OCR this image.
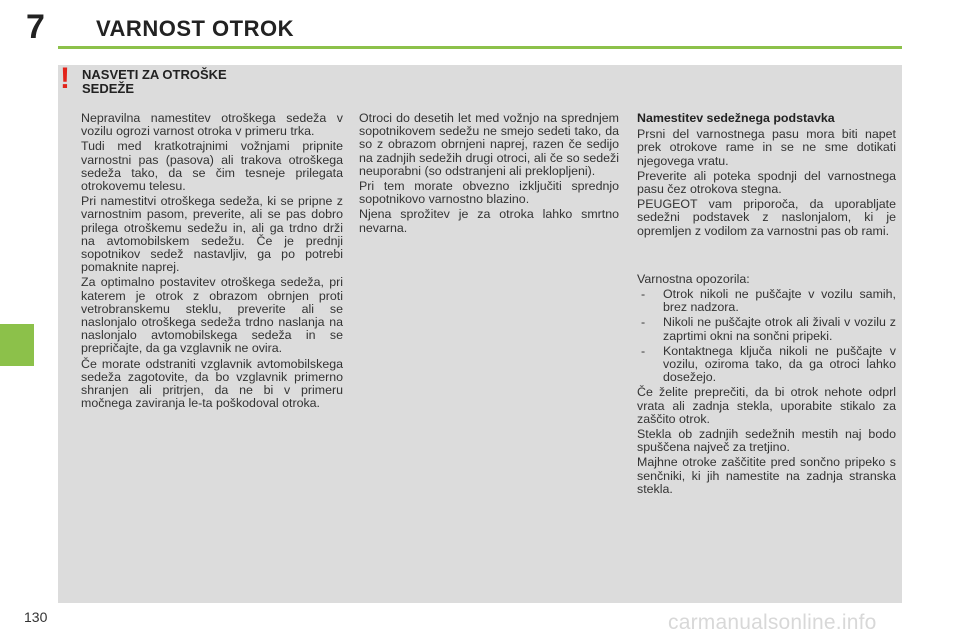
7 VARNOST OTROK
! NASVETI ZA OTROŠKE
SEDEŽE

Nepravilna namestitev otroškega sedeža v vozilu ogrozi varnost otroka v primeru trka.

Tudi med kratkotrajnimi vožnjami pripnite varnostni pas (pasova) ali trakova otroškega sedeža tako, da se čim tesneje prilegata otrokovemu telesu.

Pri namestitvi otroškega sedeža, ki se pripne z varnostnim pasom, preverite, ali se pas dobro prilega otroškemu sedežu in, ali ga trdno drži na avtomobilskem sedežu. Če je prednji sopotnikov sedež nastavljiv, ga po potrebi pomaknite naprej.

Za optimalno postavitev otroškega sedeža, pri katerem je otrok z obrazom obrnjen proti vetrobranskemu steklu, preverite ali se naslonjalo otroškega sedeža trdno naslanja na naslonjalo avtomobilskega sedeža in se prepričajte, da ga vzglavnik ne ovira.

Če morate odstraniti vzglavnik avtomobilskega sedeža zagotovite, da bo vzglavnik primerno shranjen ali pritrjen, da ne bi v primeru močnega zaviranja le-ta poškodoval otroka.

Otroci do desetih let med vožnjo na sprednjem sopotnikovem sedežu ne smejo sedeti tako, da so z obrazom obrnjeni naprej, razen če sedijo na zadnjih sedežih drugi otroci, ali če so sedeži neuporabni (so odstranjeni ali preklopljeni).

Pri tem morate obvezno izključiti sprednjo sopotnikovo varnostno blazino.

Njena sprožitev je za otroka lahko smrtno nevarna.

Namestitev sedežnega podstavka

Prsni del varnostnega pasu mora biti napet prek otrokove rame in se ne sme dotikati njegovega vratu.

Preverite ali poteka spodnji del varnostnega pasu čez otrokova stegna.

PEUGEOT vam priporoča, da uporabljate sedežni podstavek z naslonjalom, ki je opremljen z vodilom za varnostni pas ob rami.

Varnostna opozorila:

- Otrok nikoli ne puščajte v vozilu samih, brez nadzora.
- Nikoli ne puščajte otrok ali živali v vozilu z zaprtimi okni na sončni pripeki.
- Kontaktnega ključa nikoli ne puščajte v vozilu, oziroma tako, da ga otroci lahko dosežejo.

Če želite preprečiti, da bi otrok nehote odprl vrata ali zadnja stekla, uporabite stikalo za zaščito otrok.

Stekla ob zadnjih sedežnih mestih naj bodo spuščena največ za tretjino.

Majhne otroke zaščitite pred sončno pripeko s senčniki, ki jih namestite na zadnja stranska stekla.

130	carmanualsonline.info
